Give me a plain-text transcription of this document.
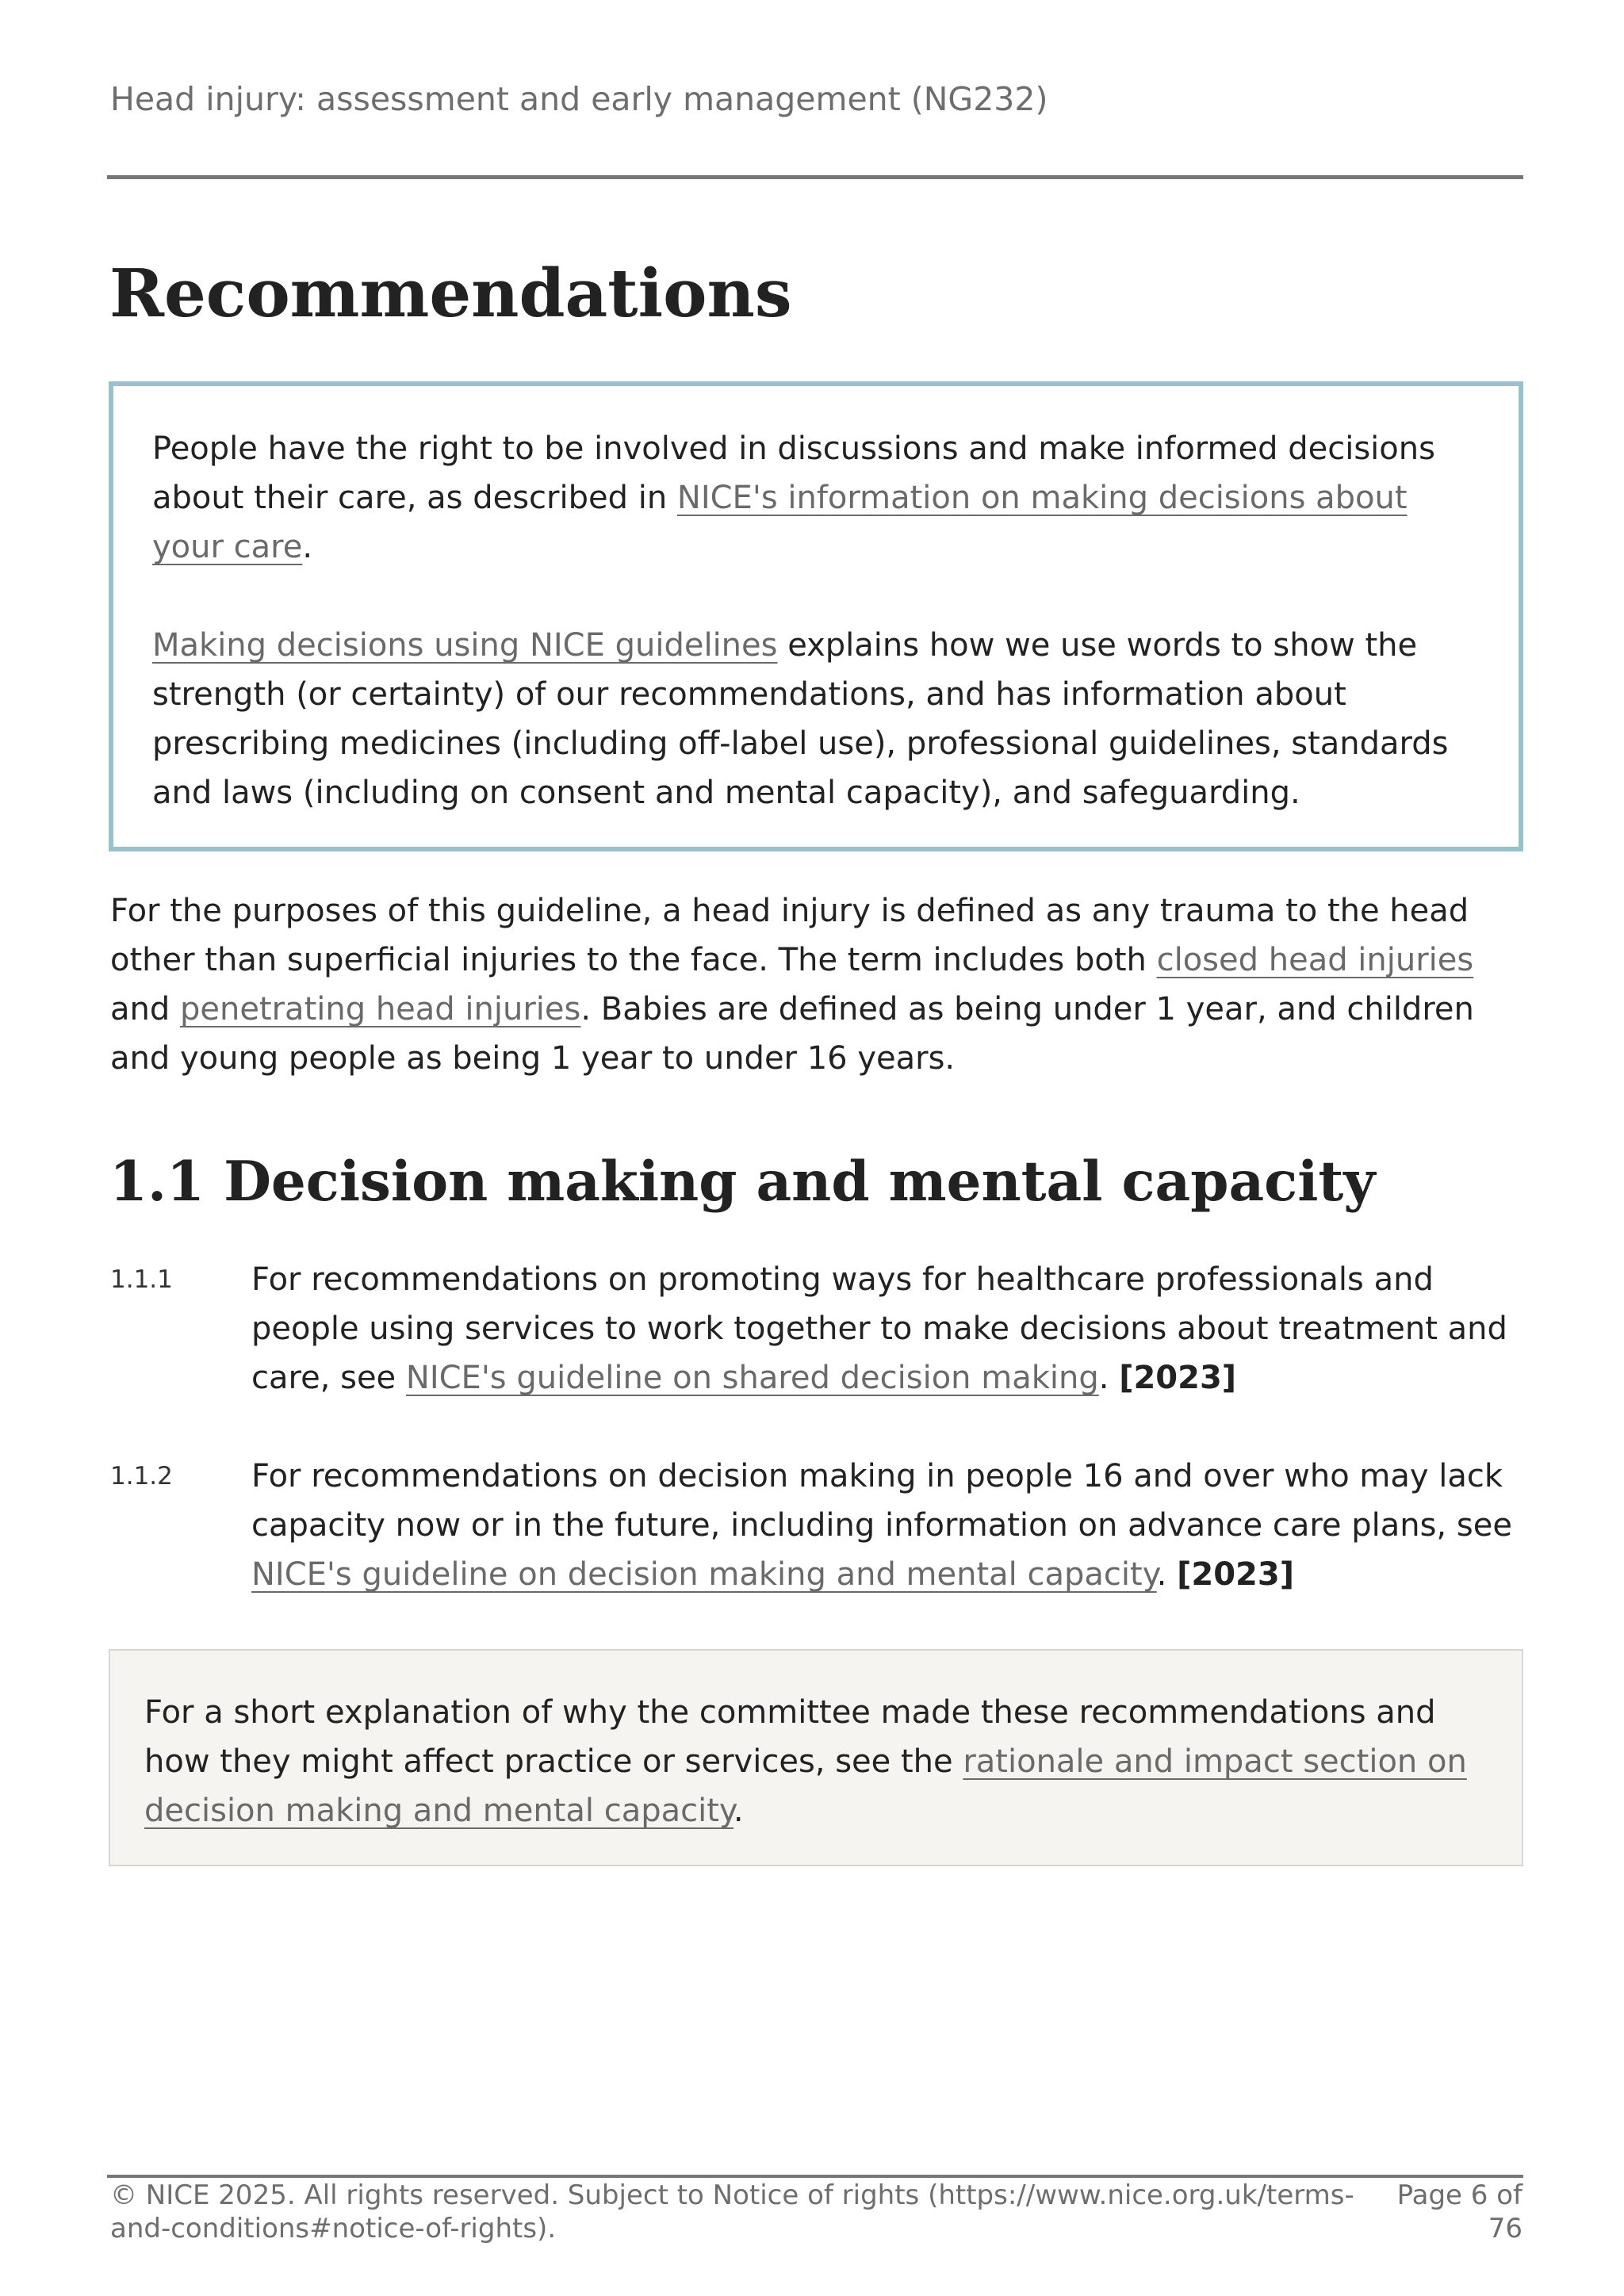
Head injury: assessment and early management (NG232)
Recommendations

People have the right to be involved in discussions and make informed decisions about their care, as described in NICE's information on making decisions about your care.

Making decisions using NICE guidelines explains how we use words to show the strength (or certainty) of our recommendations, and has information about prescribing medicines (including off-label use), professional guidelines, standards and laws (including on consent and mental capacity), and safeguarding.

For the purposes of this guideline, a head injury is defined as any trauma to the head other than superficial injuries to the face. The term includes both closed head injuries and penetrating head injuries. Babies are defined as being under 1 year, and children and young people as being 1 year to under 16 years.

1.1 Decision making and mental capacity
1.1.1 For recommendations on promoting ways for healthcare professionals and people using services to work together to make decisions about treatment and care, see NICE's guideline on shared decision making. [2023]

1.1.2 For recommendations on decision making in people 16 and over who may lack capacity now or in the future, including information on advance care plans, see NICE's guideline on decision making and mental capacity. [2023]

For a short explanation of why the committee made these recommendations and how they might affect practice or services, see the rationale and impact section on decision making and mental capacity.

© NICE 2025. All rights reserved. Subject to Notice of rights (https://www.nice.org.uk/terms-and-conditions#notice-of-rights).
Page 6 of 76
